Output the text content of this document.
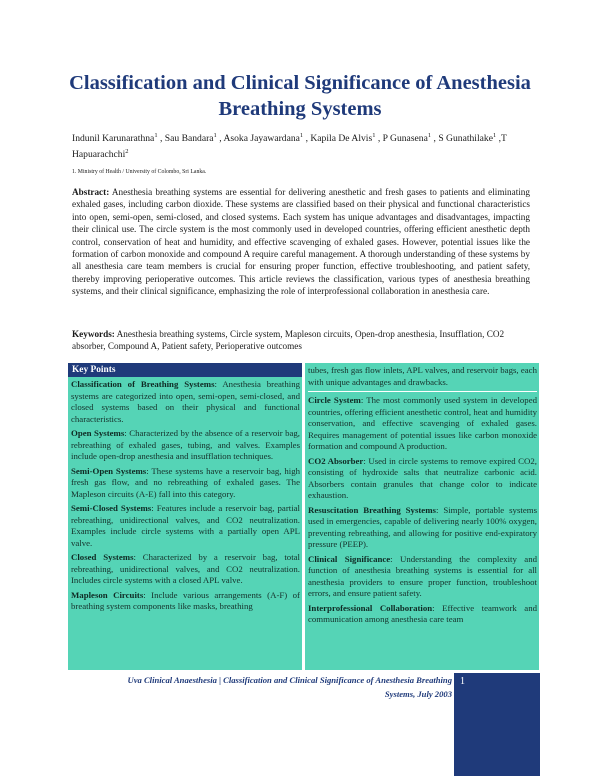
Classification and Clinical Significance of Anesthesia Breathing Systems
Indunil Karunarathna$^1$ , Sau Bandara$^1$ , Asoka Jayawardana$^1$ , Kapila De Alvis$^1$ , P Gunasena$^1$ , S Gunathilake$^1$ ,T Hapuarachchi$^2$
1. Ministry of Health / University of Colombo, Sri Lanka.
Abstract: Anesthesia breathing systems are essential for delivering anesthetic and fresh gases to patients and eliminating exhaled gases, including carbon dioxide. These systems are classified based on their physical and functional characteristics into open, semi-open, semi-closed, and closed systems. Each system has unique advantages and disadvantages, impacting their clinical use. The circle system is the most commonly used in developed countries, offering efficient anesthetic depth control, conservation of heat and humidity, and effective scavenging of exhaled gases. However, potential issues like the formation of carbon monoxide and compound A require careful management. A thorough understanding of these systems by all anesthesia care team members is crucial for ensuring proper function, effective troubleshooting, and patient safety, thereby improving perioperative outcomes. This article reviews the classification, various types of anesthesia breathing systems, and their clinical significance, emphasizing the role of interprofessional collaboration in anesthesia care.
Keywords: Anesthesia breathing systems, Circle system, Mapleson circuits, Open-drop anesthesia, Insufflation, CO2 absorber, Compound A, Patient safety, Perioperative outcomes
Key Points

Classification of Breathing Systems: Anesthesia breathing systems are categorized into open, semi-open, semi-closed, and closed systems based on their physical and functional characteristics.

Open Systems: Characterized by the absence of a reservoir bag, rebreathing of exhaled gases, tubing, and valves. Examples include open-drop anesthesia and insufflation techniques.

Semi-Open Systems: These systems have a reservoir bag, high fresh gas flow, and no rebreathing of exhaled gases. The Mapleson circuits (A-E) fall into this category.

Semi-Closed Systems: Features include a reservoir bag, partial rebreathing, unidirectional valves, and CO2 neutralization. Examples include circle systems with a partially open APL valve.

Closed Systems: Characterized by a reservoir bag, total rebreathing, unidirectional valves, and CO2 neutralization. Includes circle systems with a closed APL valve.

Mapleson Circuits: Include various arrangements (A-F) of breathing system components like masks, breathing

tubes, fresh gas flow inlets, APL valves, and reservoir bags, each with unique advantages and drawbacks.

Circle System: The most commonly used system in developed countries, offering efficient anesthetic control, heat and humidity conservation, and effective scavenging of exhaled gases. Requires management of potential issues like carbon monoxide formation and compound A production.

CO2 Absorber: Used in circle systems to remove expired CO2, consisting of hydroxide salts that neutralize carbonic acid. Absorbers contain granules that change color to indicate exhaustion.

Resuscitation Breathing Systems: Simple, portable systems used in emergencies, capable of delivering nearly 100% oxygen, preventing rebreathing, and allowing for positive end-expiratory pressure (PEEP).

Clinical Significance: Understanding the complexity and function of anesthesia breathing systems is essential for all anesthesia providers to ensure proper function, troubleshoot errors, and ensure patient safety.

Interprofessional Collaboration: Effective teamwork and communication among anesthesia care team

Uva Clinical Anaesthesia | Classification and Clinical Significance of Anesthesia Breathing
Systems, July 2003
1
